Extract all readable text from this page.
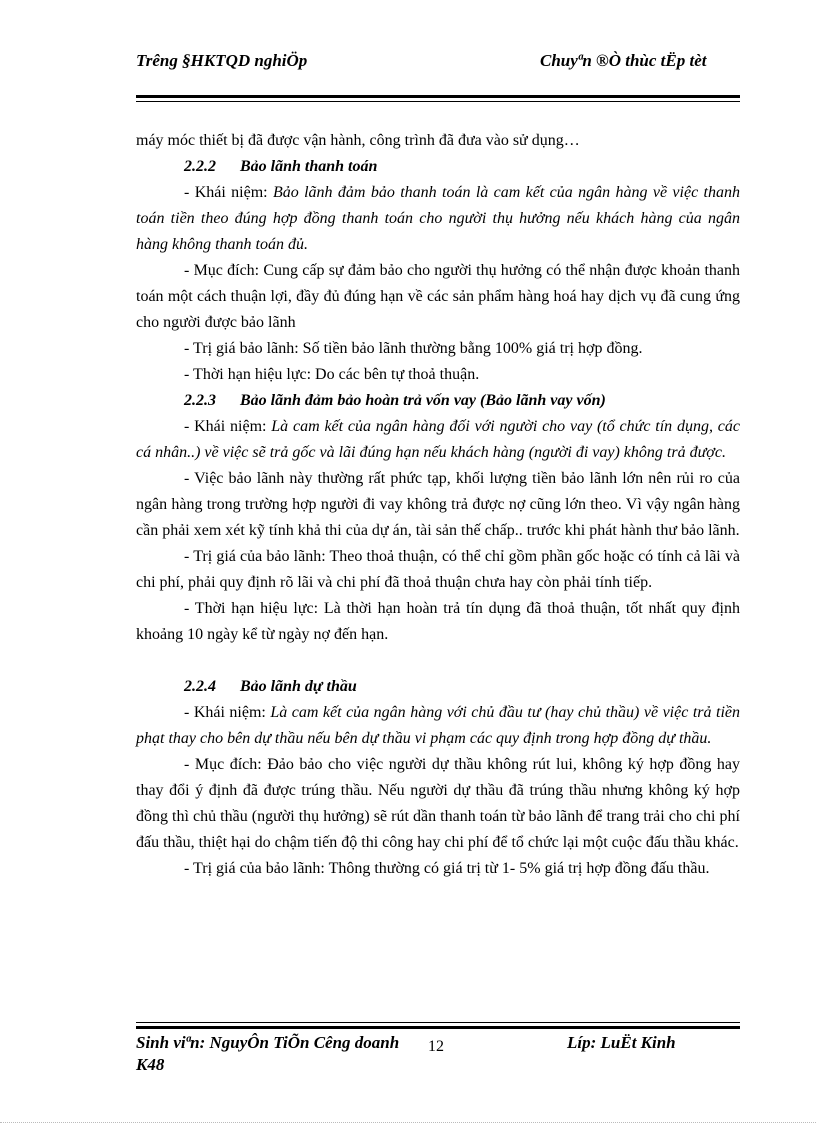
Trêng §HKTQD nghiÖp	Chuyªn ®Ò thùc tËp tèt

máy móc thiết bị đã được vận hành, công trình đã đưa vào sử dụng…

2.2.2 Bảo lãnh thanh toán

- Khái niệm: Bảo lãnh đảm bảo thanh toán là cam kết của ngân hàng về việc thanh toán tiền theo đúng hợp đồng thanh toán cho người thụ hưởng nếu khách hàng của ngân hàng không thanh toán đủ.

- Mục đích: Cung cấp sự đảm bảo cho người thụ hưởng có thể nhận được khoản thanh toán một cách thuận lợi, đầy đủ đúng hạn về các sản phẩm hàng hoá hay dịch vụ đã cung ứng cho người được bảo lãnh

- Trị giá bảo lãnh: Số tiền bảo lãnh thường bằng 100% giá trị hợp đồng.

- Thời hạn hiệu lực: Do các bên tự thoả thuận.

2.2.3 Bảo lãnh đảm bảo hoàn trả vốn vay (Bảo lãnh vay vốn)

- Khái niệm: Là cam kết của ngân hàng đối với người cho vay (tổ chức tín dụng, các cá nhân..) về việc sẽ trả gốc và lãi đúng hạn nếu khách hàng (người đi vay) không trả được.

- Việc bảo lãnh này thường rất phức tạp, khối lượng tiền bảo lãnh lớn nên rủi ro của ngân hàng trong trường hợp người đi vay không trả được nợ cũng lớn theo. Vì vậy ngân hàng cần phải xem xét kỹ tính khả thi của dự án, tài sản thế chấp.. trước khi phát hành thư bảo lãnh.

- Trị giá của bảo lãnh: Theo thoả thuận, có thể chỉ gồm phần gốc hoặc có tính cả lãi và chi phí, phải quy định rõ lãi và chi phí đã thoả thuận chưa hay còn phải tính tiếp.

- Thời hạn hiệu lực: Là thời hạn hoàn trả tín dụng đã thoả thuận, tốt nhất quy định khoảng 10 ngày kể từ ngày nợ đến hạn.

2.2.4 Bảo lãnh dự thầu

- Khái niệm: Là cam kết của ngân hàng với chủ đầu tư (hay chủ thầu) về việc trả tiền phạt thay cho bên dự thầu nếu bên dự thầu vi phạm các quy định trong hợp đồng dự thầu.

- Mục đích: Đảo bảo cho việc người dự thầu không rút lui, không ký hợp đồng hay thay đổi ý định đã được trúng thầu. Nếu người dự thầu đã trúng thầu nhưng không ký hợp đồng thì chủ thầu (người thụ hưởng) sẽ rút dần thanh toán từ bảo lãnh để trang trải cho chi phí đấu thầu, thiệt hại do chậm tiến độ thi công hay chi phí để tổ chức lại một cuộc đấu thầu khác.

- Trị giá của bảo lãnh: Thông thường có giá trị từ 1- 5% giá trị hợp đồng đấu thầu.

Sinh viªn: NguyÔn TiÕn Cêng doanh K48
12	Líp: LuËt Kinh
